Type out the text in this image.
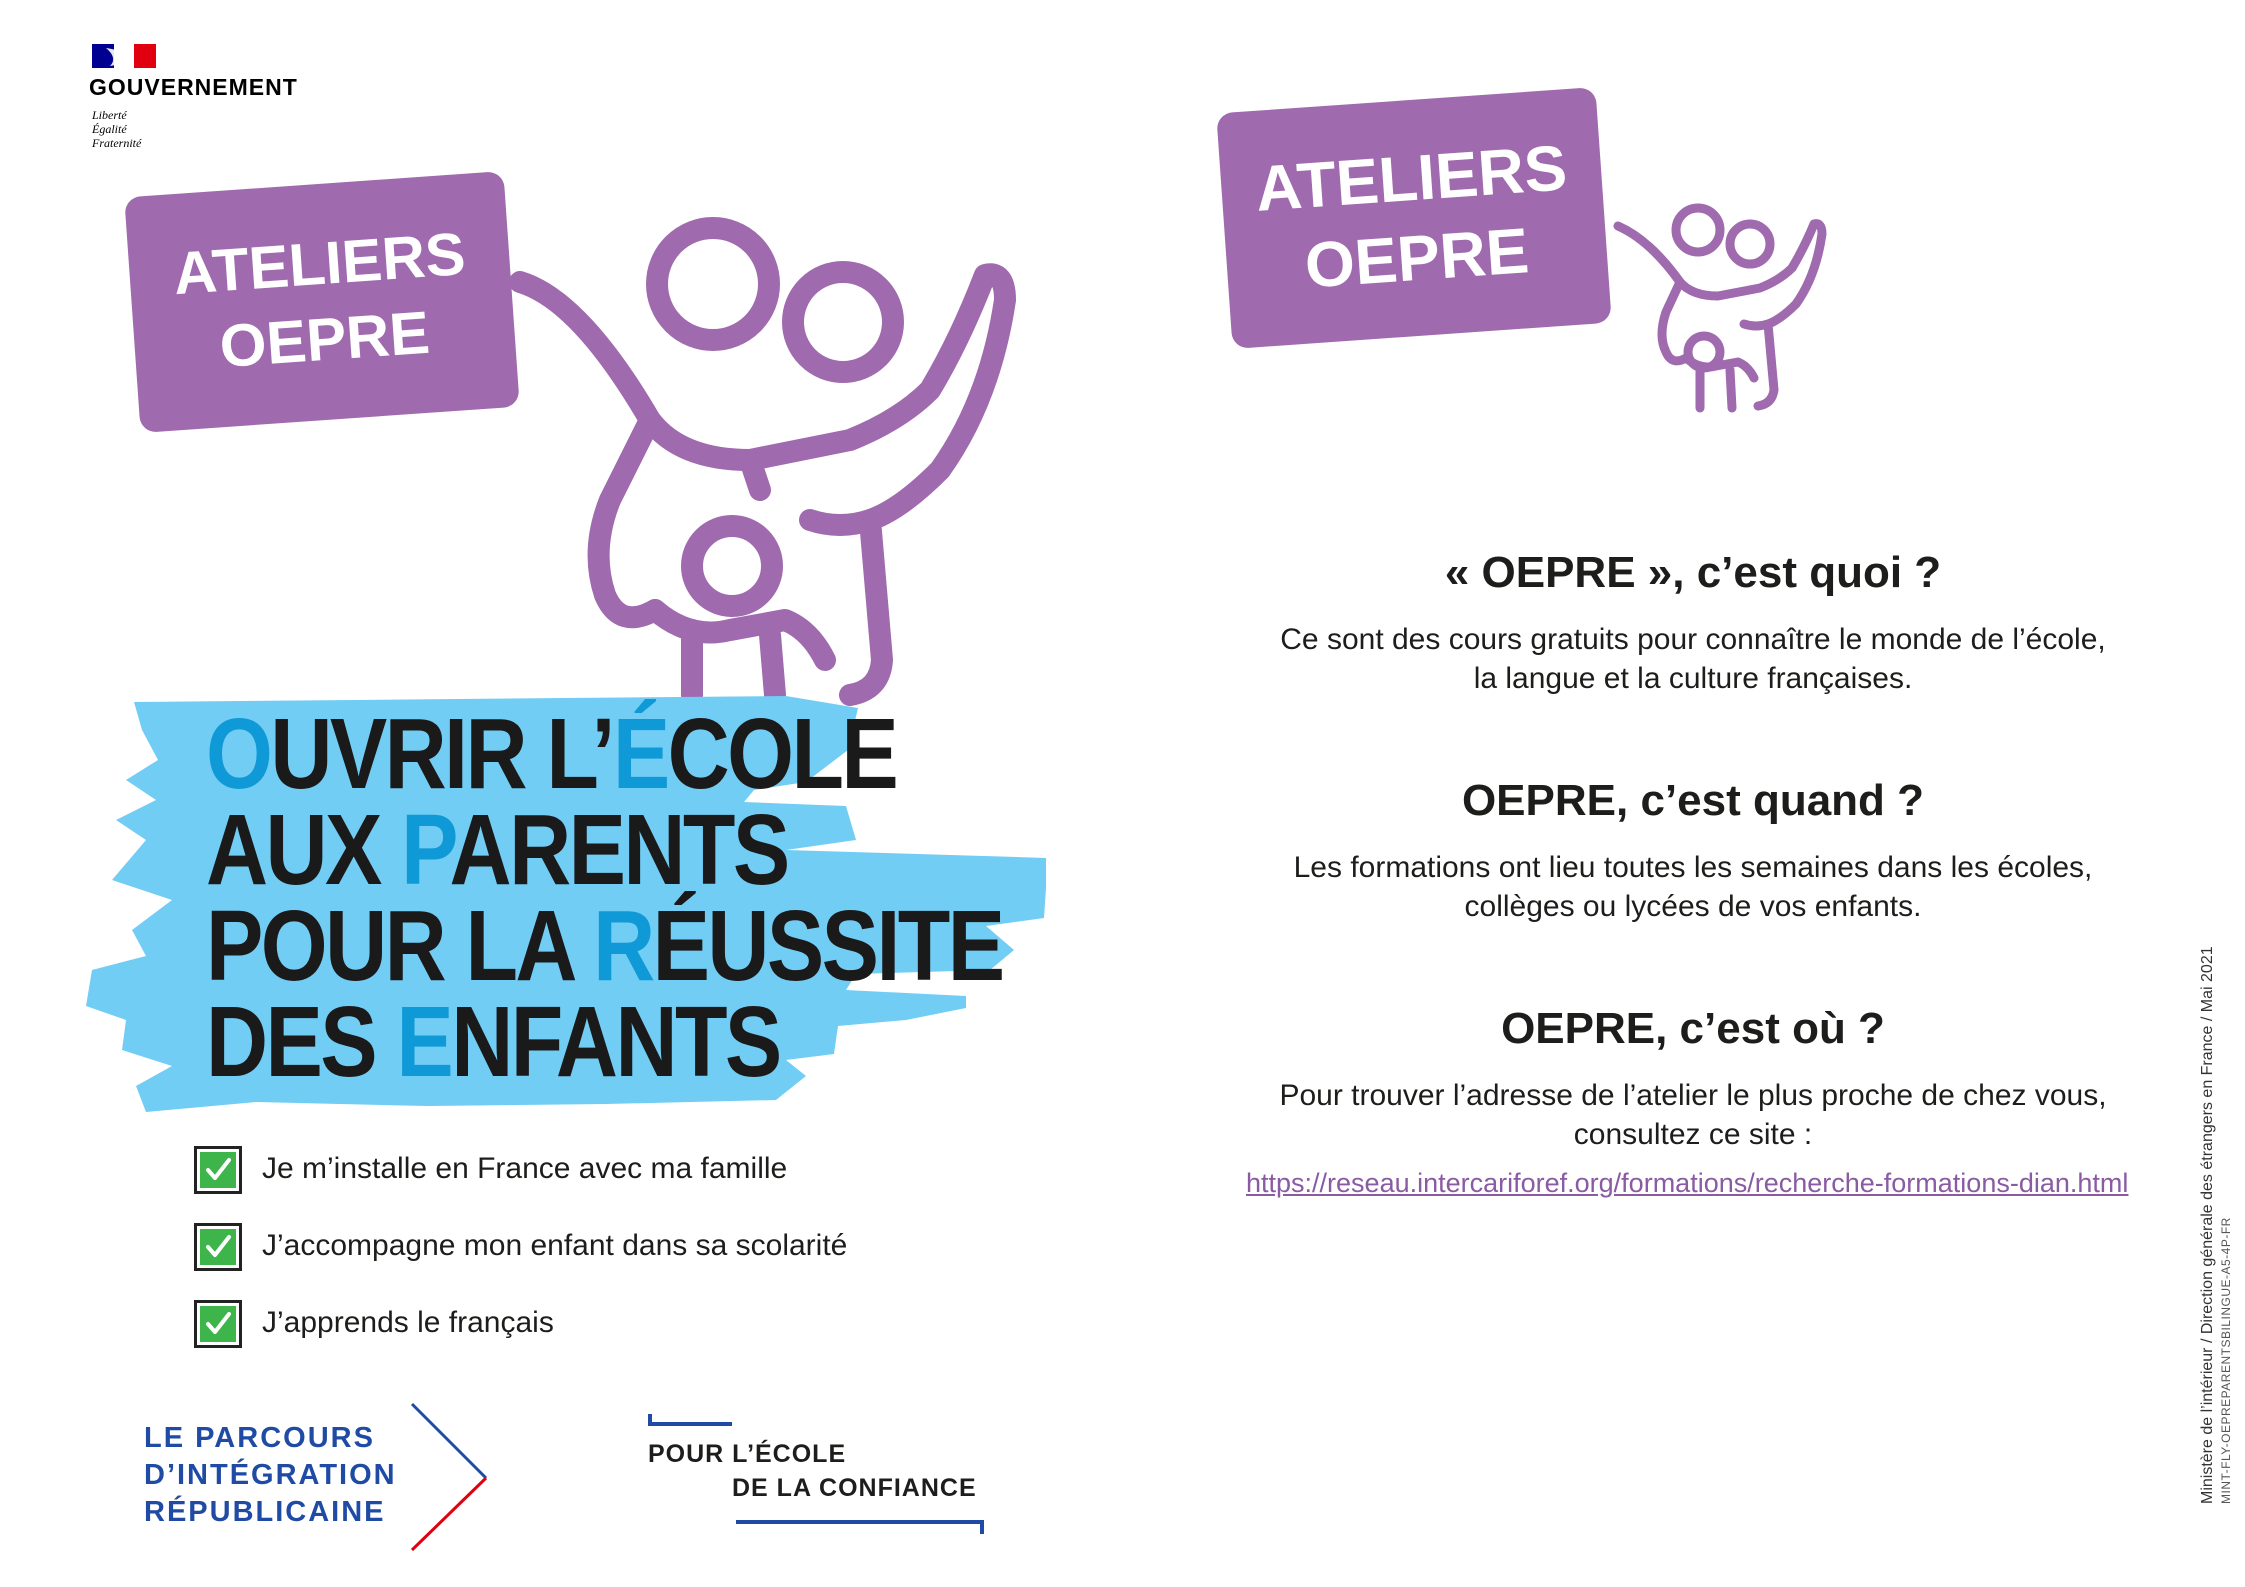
GOUVERNEMENT
Liberté
Égalité
Fraternité
ATELIERS
OEPRE
OUVRIR L’ÉCOLE
AUX PARENTS
POUR LA RÉUSSITE
DES ENFANTS
Je m’installe en France avec ma famille
J’accompagne mon enfant dans sa scolarité
J’apprends le français
LE PARCOURS
D’INTÉGRATION
RÉPUBLICAINE
POUR L’ÉCOLE
DE LA CONFIANCE
ATELIERS
OEPRE
« OEPRE », c’est quoi ?
Ce sont des cours gratuits pour connaître le monde de l’école,
la langue et la culture françaises.
OEPRE, c’est quand ?
Les formations ont lieu toutes les semaines dans les écoles,
collèges ou lycées de vos enfants.
OEPRE, c’est où ?
Pour trouver l’adresse de l’atelier le plus proche de chez vous,
consultez ce site :
https://reseau.intercariforef.org/formations/recherche-formations-dian.html	Ministère de l’intérieur / Direction générale des étrangers en France / Mai 2021 MINT-FLY-OEPREPARENTSBILINGUE-A5-4P-FR
